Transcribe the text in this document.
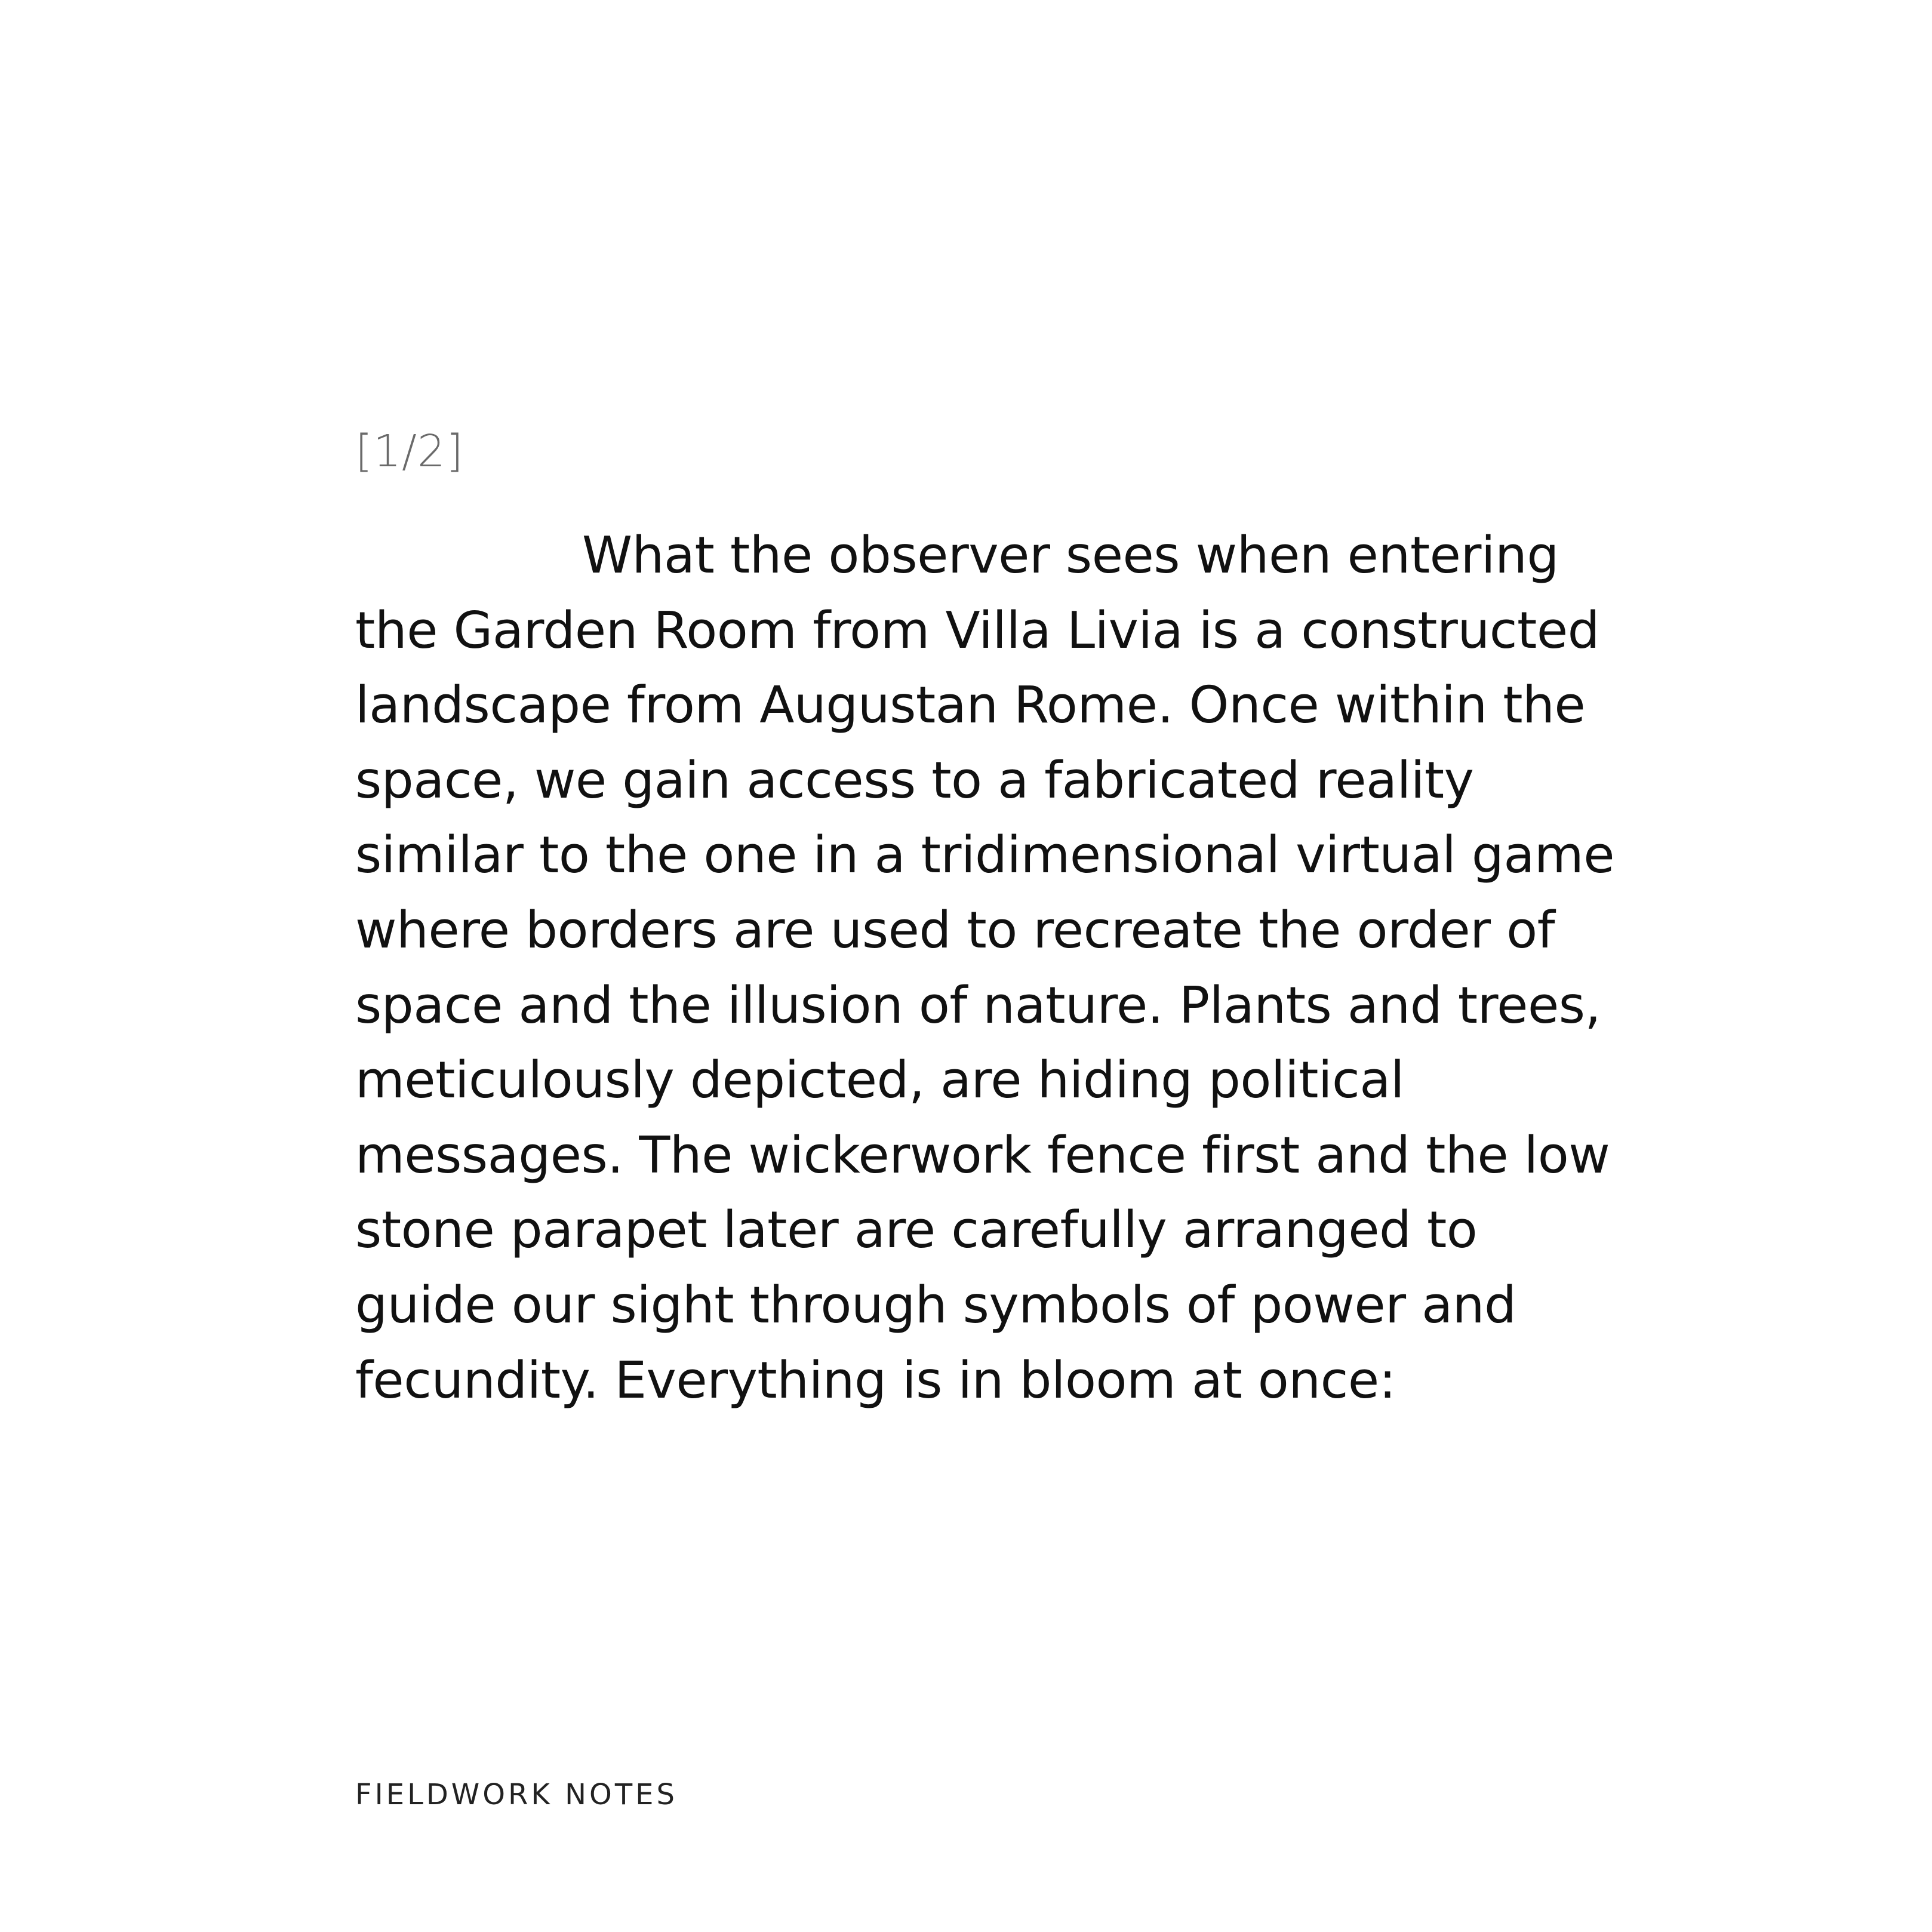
[1/2]

What the observer sees when entering
the Garden Room from Villa Livia is a constructed
landscape from Augustan Rome. Once within the
space, we gain access to a fabricated reality
similar to the one in a tridimensional virtual game
where borders are used to recreate the order of
space and the illusion of nature. Plants and trees,
meticulously depicted, are hiding political
messages. The wickerwork fence first and the low
stone parapet later are carefully arranged to
guide our sight through symbols of power and
fecundity. Everything is in bloom at once:

FIELDWORK NOTES
